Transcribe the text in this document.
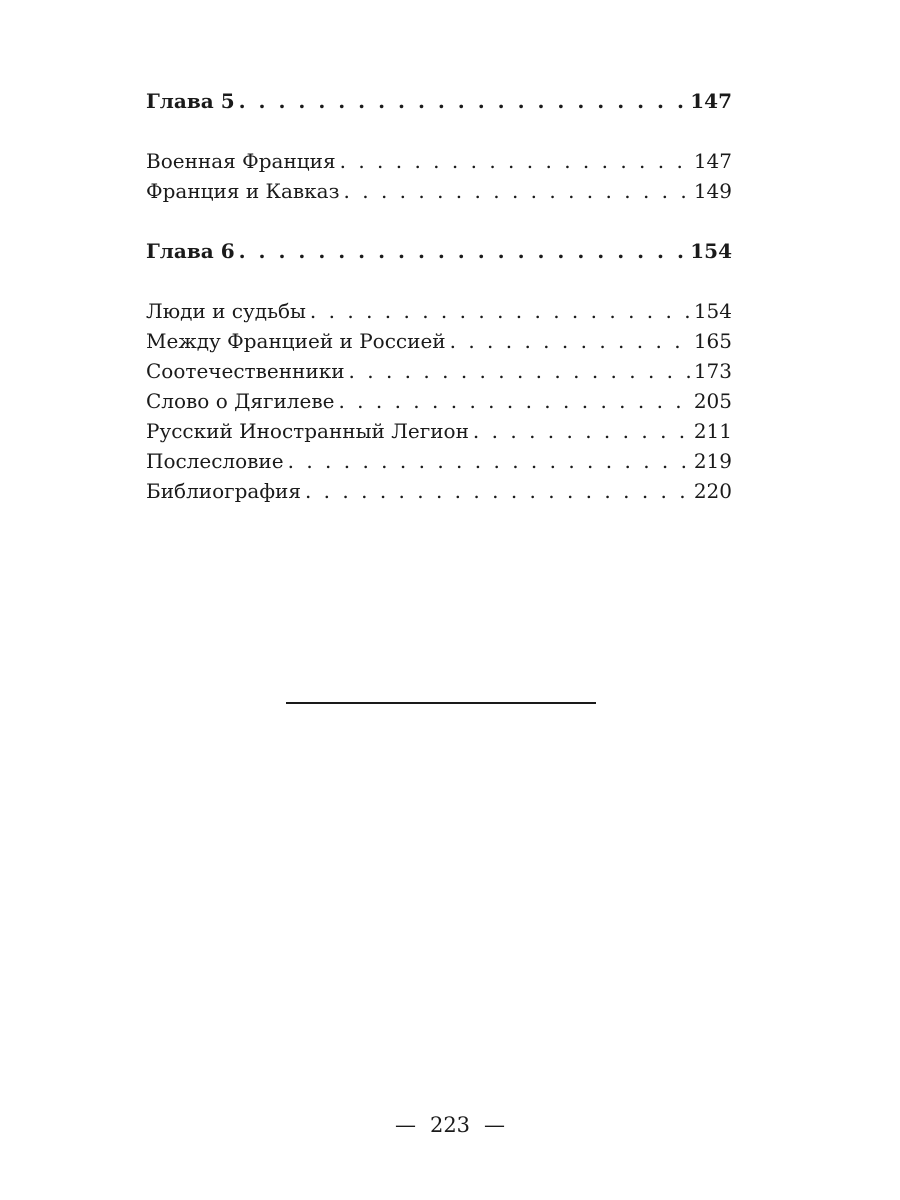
Глава 5 . . .	147
Военная Франция . . .	147
Франция и Кавказ . . .	149
Глава 6 . . .	154
Люди и судьбы . . .	154
Между Францией и Россией . . .	165
Соотечественники . . .	173
Слово о Дягилеве . . .	205
Русский Иностранный Легион . . .	211
Послесловие . . .	219
Библиография . . .	220
— 223 —
